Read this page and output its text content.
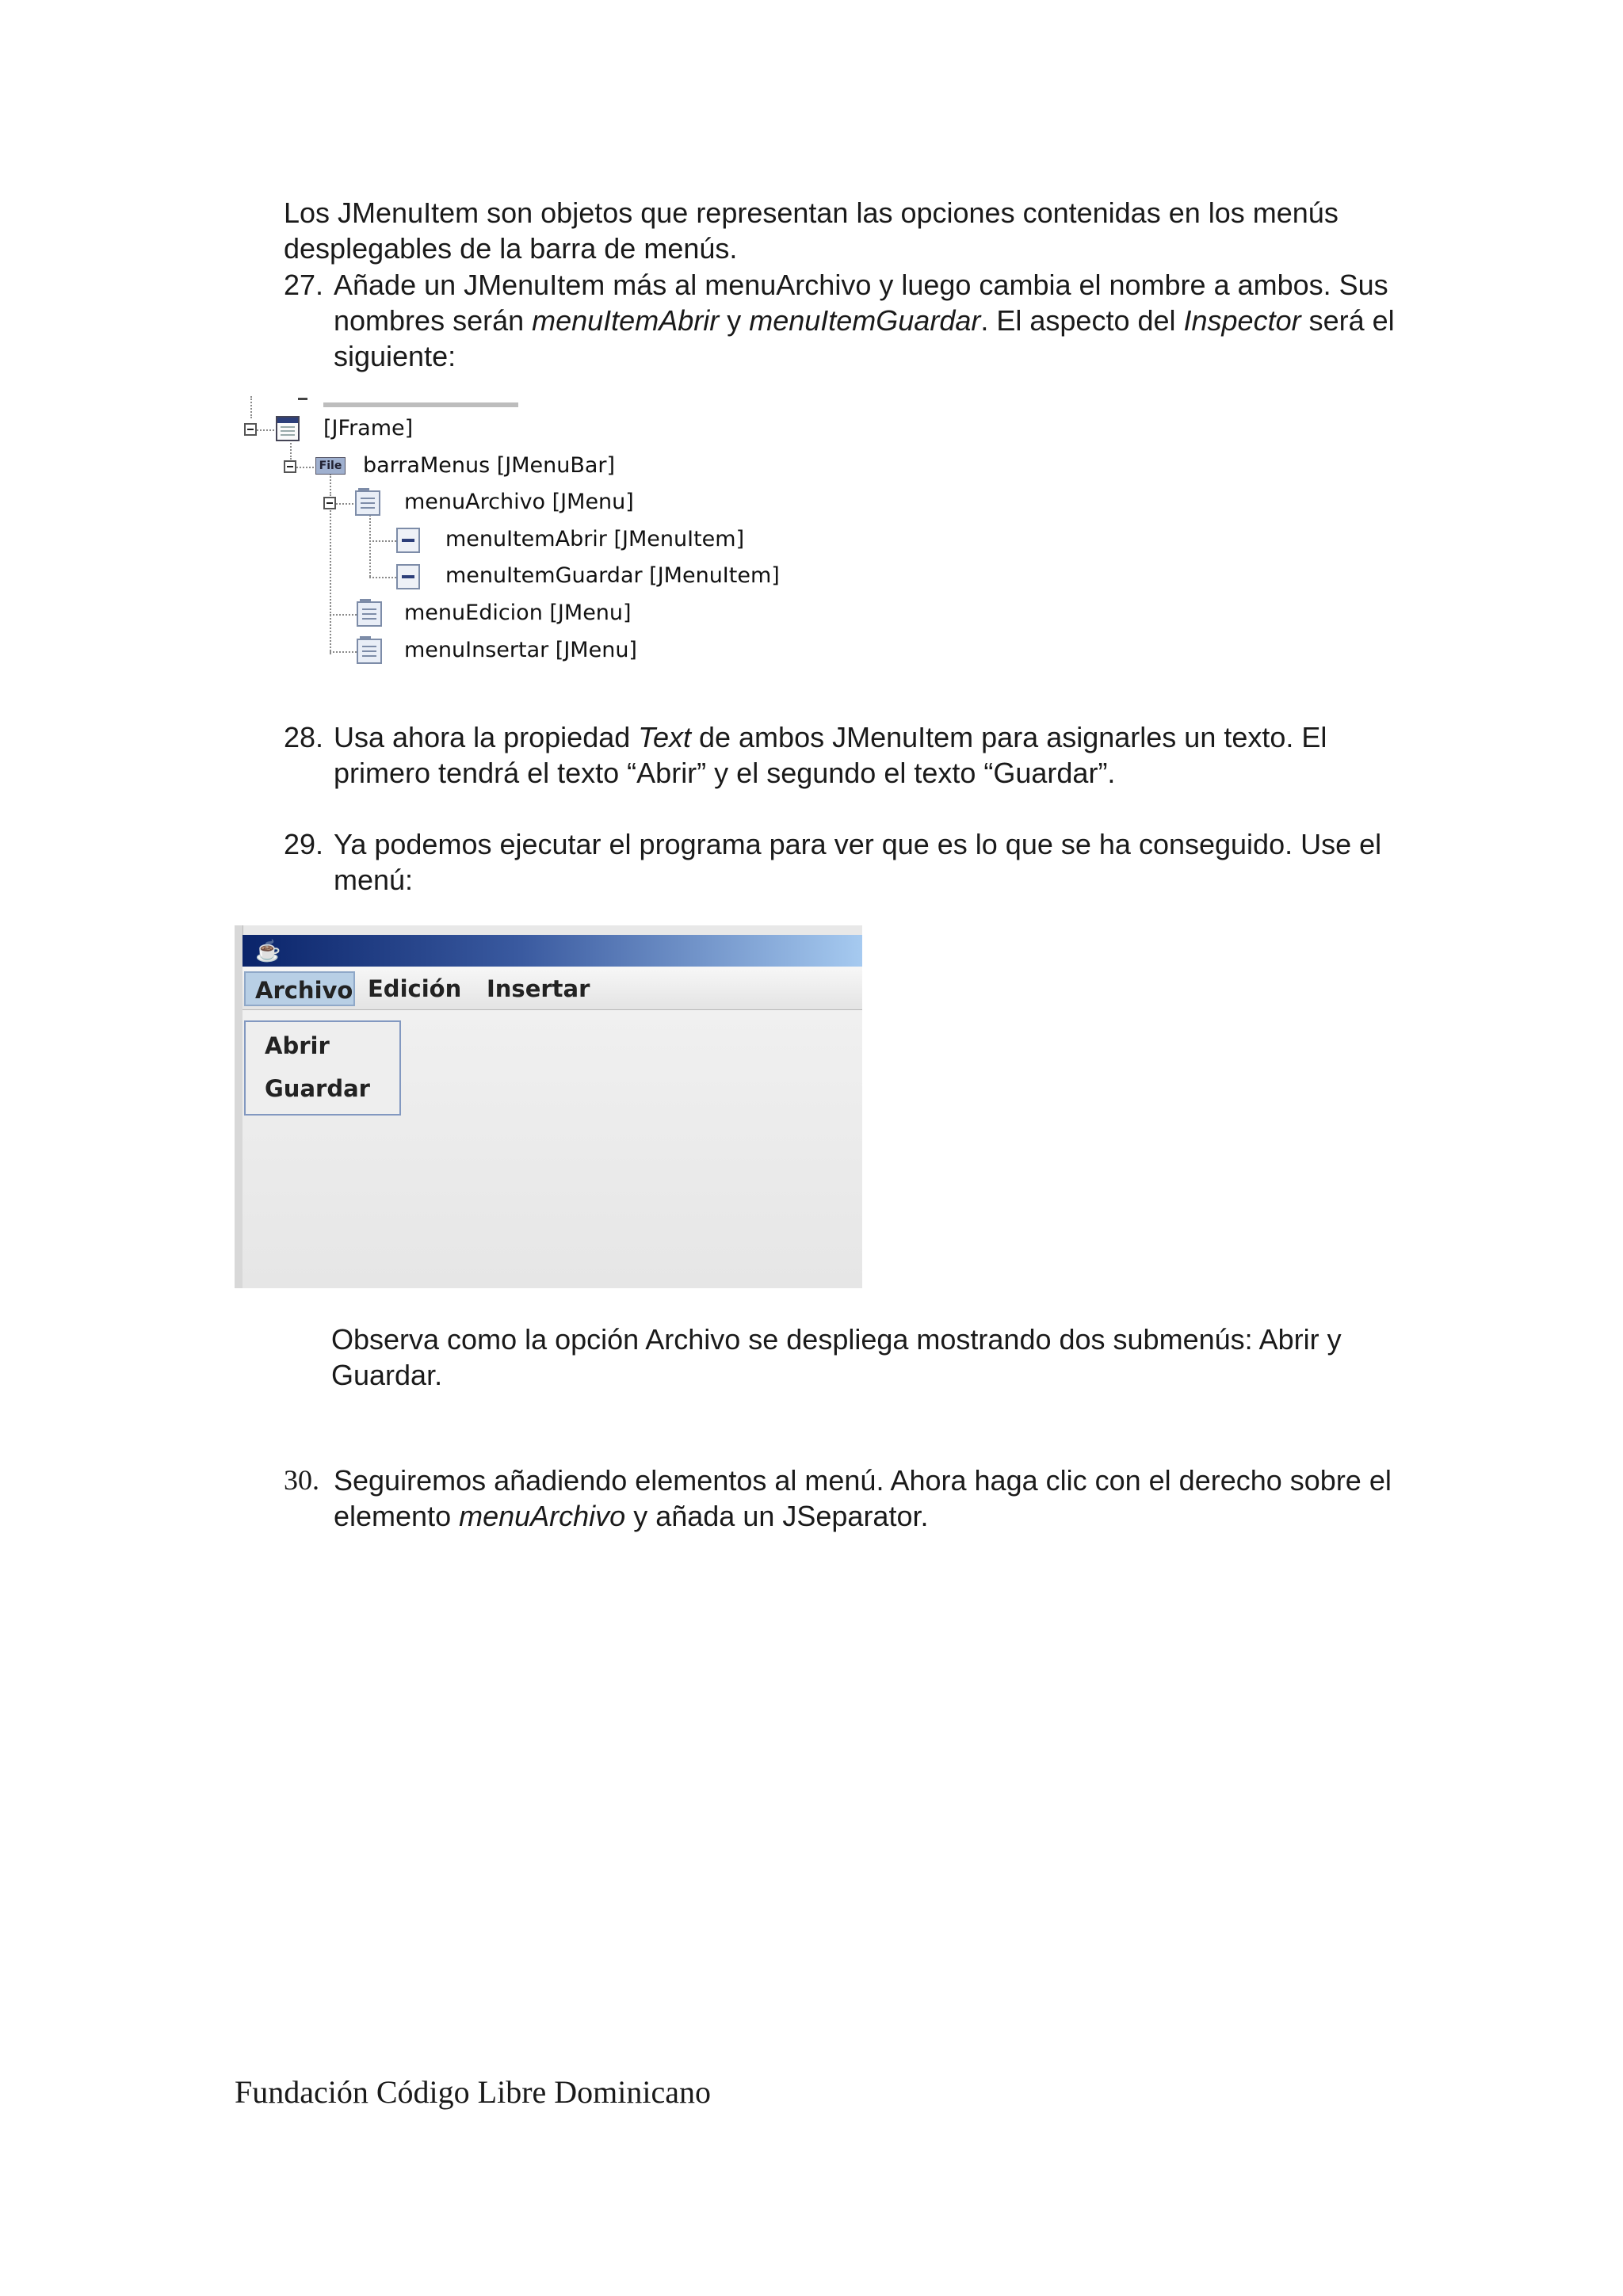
Los JMenuItem son objetos que representan las opciones contenidas en los menús
desplegables de la barra de menús.
27. Añade un JMenuItem más al menuArchivo y luego cambia el nombre a ambos. Sus
nombres serán menuItemAbrir y menuItemGuardar. El aspecto del Inspector será el
siguiente:
File
[JFrame]
barraMenus [JMenuBar]
menuArchivo [JMenu]
menuItemAbrir [JMenuItem]
menuItemGuardar [JMenuItem]
menuEdicion [JMenu]
menuInsertar [JMenu]
28. Usa ahora la propiedad Text de ambos JMenuItem para asignarles un texto. El
primero tendrá el texto “Abrir” y el segundo el texto “Guardar”.
29. Ya podemos ejecutar el programa para ver que es lo que se ha conseguido. Use el
menú:
☕
Archivo Edición	Insertar
Abrir
Guardar
Observa como la opción Archivo se despliega mostrando dos submenús: Abrir y
Guardar.
30. Seguiremos añadiendo elementos al menú. Ahora haga clic con el derecho sobre el
elemento menuArchivo y añada un JSeparator.
Fundación Código Libre Dominicano
